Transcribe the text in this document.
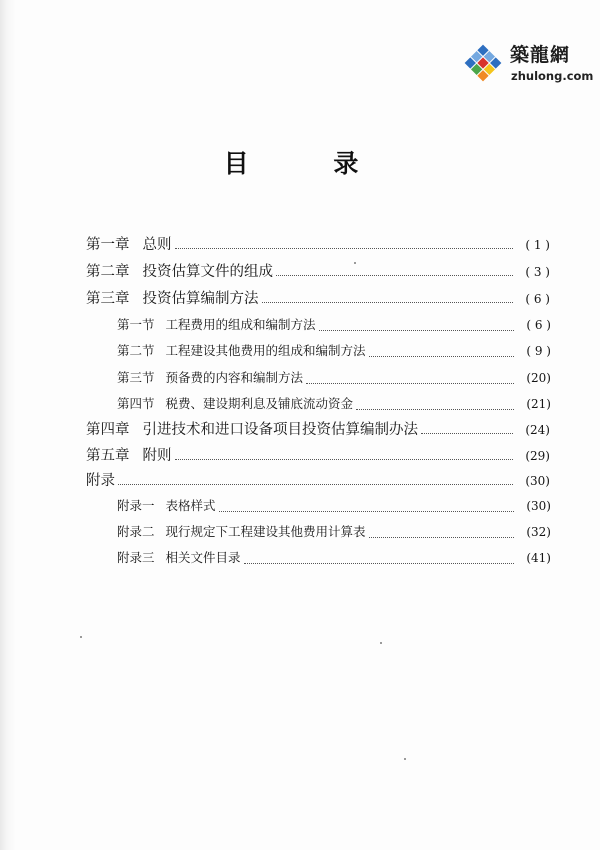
築龍網
zhulong.com
目 录
第一章 总则	( 1 )
第二章 投资估算文件的组成	( 3 )
第三章 投资估算编制方法	( 6 )
第一节 工程费用的组成和编制方法	( 6 )
第二节 工程建设其他费用的组成和编制方法	( 9 )
第三节 预备费的内容和编制方法	(20)
第四节 税费、建设期利息及铺底流动资金	(21)
第四章 引进技术和进口设备项目投资估算编制办法	(24)
第五章 附则	(29)
附录	(30)
附录一 表格样式	(30)
附录二 现行规定下工程建设其他费用计算表	(32)
附录三 相关文件目录	(41)
